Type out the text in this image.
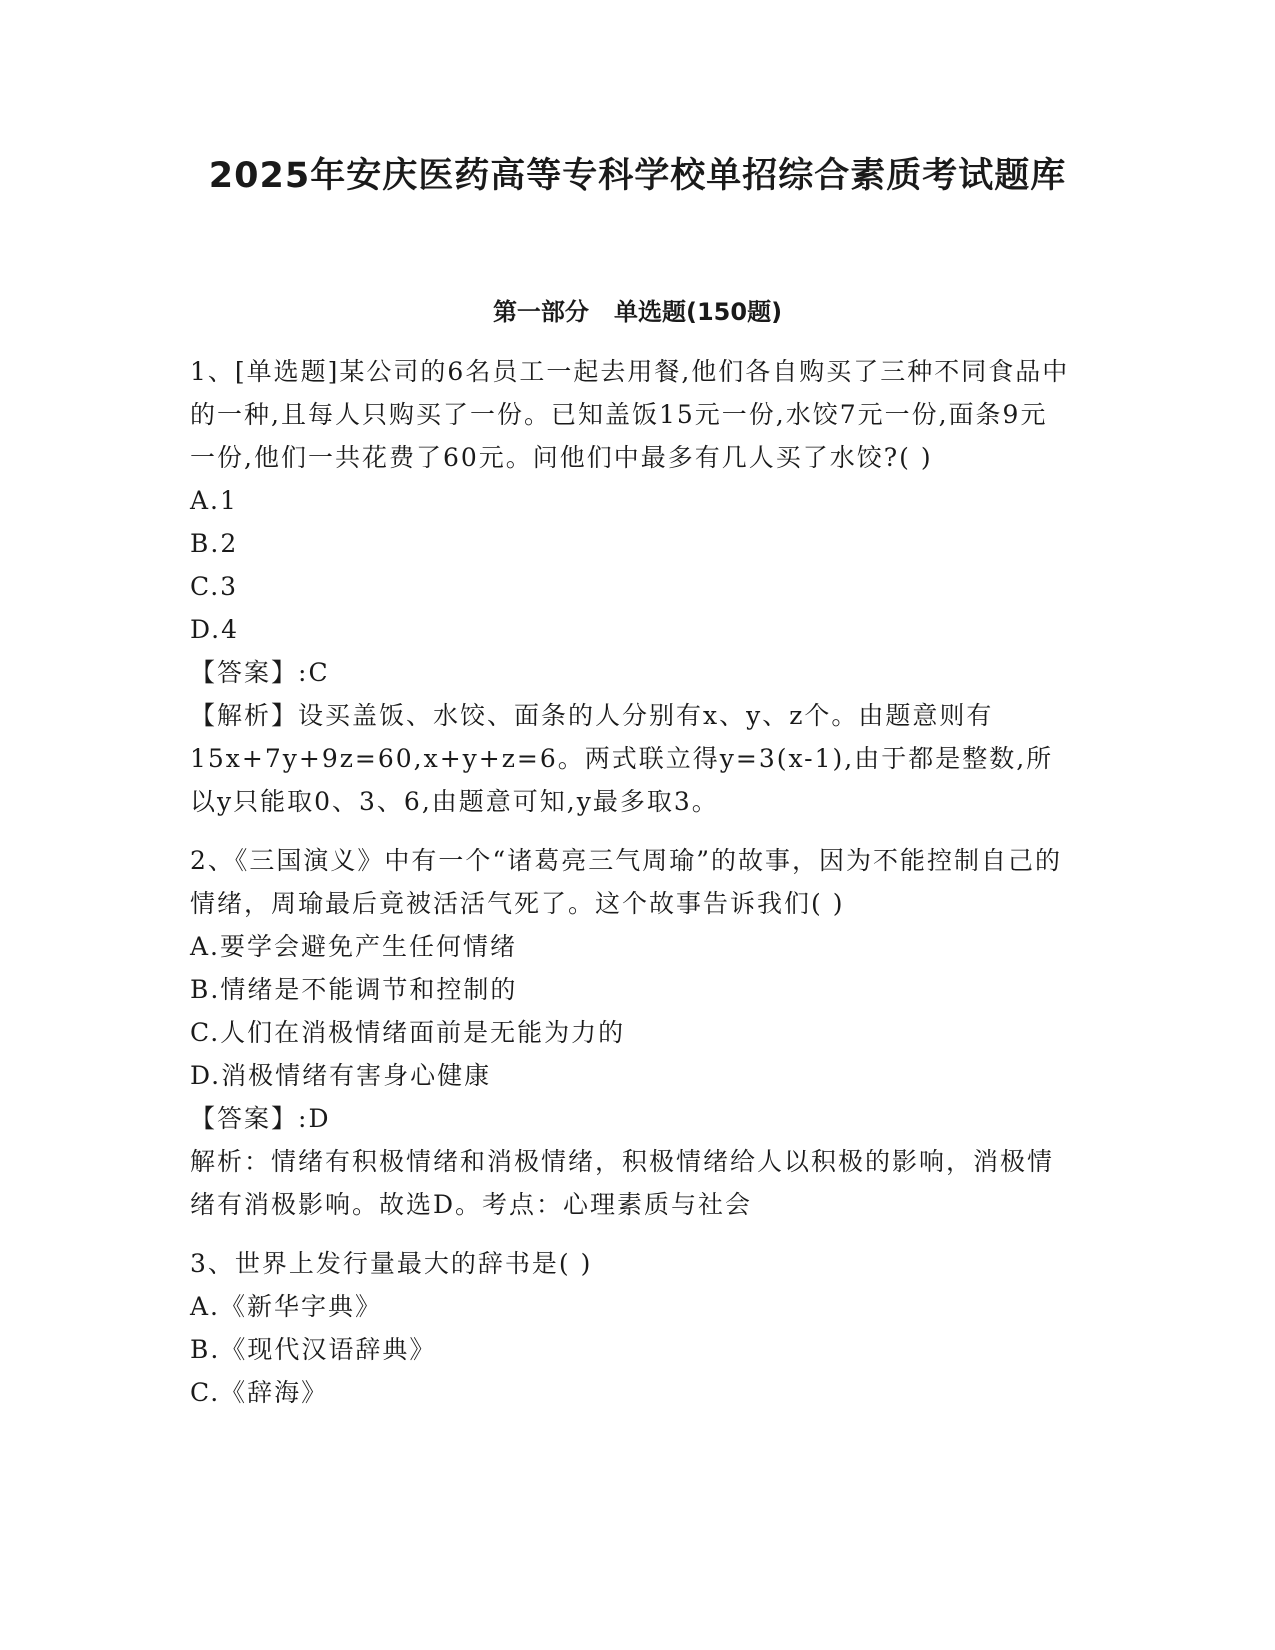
2025年安庆医药高等专科学校单招综合素质考试题库
第一部分   单选题(150题)

1、[单选题]某公司的6名员工一起去用餐,他们各自购买了三种不同食品中的一种,且每人只购买了一份。已知盖饭15元一份,水饺7元一份,面条9元一份,他们一共花费了60元。问他们中最多有几人买了水饺?( )

A.1

B.2

C.3

D.4

【答案】:C

【解析】设买盖饭、水饺、面条的人分别有x、y、z个。由题意则有15x+7y+9z=60,x+y+z=6。两式联立得y=3(x-1),由于都是整数,所以y只能取0、3、6,由题意可知,y最多取3。

2、《三国演义》中有一个“诸葛亮三气周瑜”的故事，因为不能控制自己的情绪，周瑜最后竟被活活气死了。这个故事告诉我们( )

A.要学会避免产生任何情绪

B.情绪是不能调节和控制的

C.人们在消极情绪面前是无能为力的

D.消极情绪有害身心健康

【答案】:D

解析：情绪有积极情绪和消极情绪，积极情绪给人以积极的影响，消极情绪有消极影响。故选D。考点：心理素质与社会

3、世界上发行量最大的辞书是( )

A.《新华字典》

B.《现代汉语辞典》

C.《辞海》
